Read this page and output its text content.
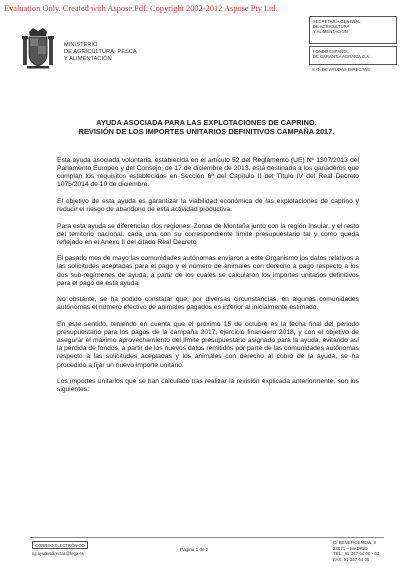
Evaluation Only. Created with Aspose.Pdf. Copyright 2002-2012 Aspose Pty Ltd.
MINISTERIO
DE AGRICULTURA, PESCA
Y ALIMENTACIÓN
SECRETARÍA GENERAL
DE AGRICULTURA
Y ALIMENTACIÓN
FONDO ESPAÑOL
DE GARANTÍA AGRARIA O.A.
S.G. DE AYUDAS DIRECTAS
AYUDA ASOCIADA PARA LAS EXPLOTACIONES DE CAPRINO.
REVISIÓN DE LOS IMPORTES UNITARIOS DEFINITIVOS CAMPAÑA 2017.

Esta ayuda asociada voluntaria, establecida en el artículo 52 del Reglamento (UE) Nº 1307/2013 del Parlamento Europeo y del Consejo, de 17 de diciembre de 2013, está destinada a los ganaderos que cumplan los requisitos establecidos en Sección 6ª del Capítulo II del Título IV del Real Decreto 1075/2014 de 19 de diciembre.

El objetivo de esta ayuda es garantizar la viabilidad económica de las explotaciones de caprino y reducir el riesgo de abandono de esta actividad productiva.

Para esta ayuda se diferencian dos regiones: Zonas de Montaña junto con la región Insular, y el resto del territorio nacional, cada una con su correspondiente límite presupuestario tal y como queda reflejado en el Anexo II del citado Real Decreto

El pasado mes de mayo las comunidades autónomas enviaron a este Organismo los datos relativos a las solicitudes aceptadas para el pago y el número de animales con derecho a pago respecto a los dos sub-regímenes de ayuda, a partir de los cuales se calcularon los importes unitarios definitivos para el pago de esta ayuda.

No obstante, se ha podido constatar que, por diversas circunstancias, en algunas comunidades autónomas el número efectivo de animales pagados es inferior al inicialmente estimado.

En este sentido, teniendo en cuenta que el próximo 15 de octubre es la fecha final del periodo presupuestario para los pagos de la campaña 2017, ejercicio financiero 2018, y con el objetivo de asegurar el máximo aprovechamiento del límite presupuestario asignado para la ayuda, evitando así la pérdida de fondos, a partir de los nuevos datos remitidos por parte de las comunidades autónomas respecto a las solicitudes aceptadas y los animales con derecho al cobro de la ayuda, se ha procedido a fijar un nuevo importe unitario.

Los importes unitarios que se han calculado tras realizar la revisión explicada anteriormente, son los siguientes:

CORREO ELECTRÓNICO
sg.ayudasdirectas@fega.es
Página 1 de 2
C/ BENEFICENCIA, 8
28071 – MADRID
TEL.: 91 347 64 00 - 03
FAX: 91 347 64 05
